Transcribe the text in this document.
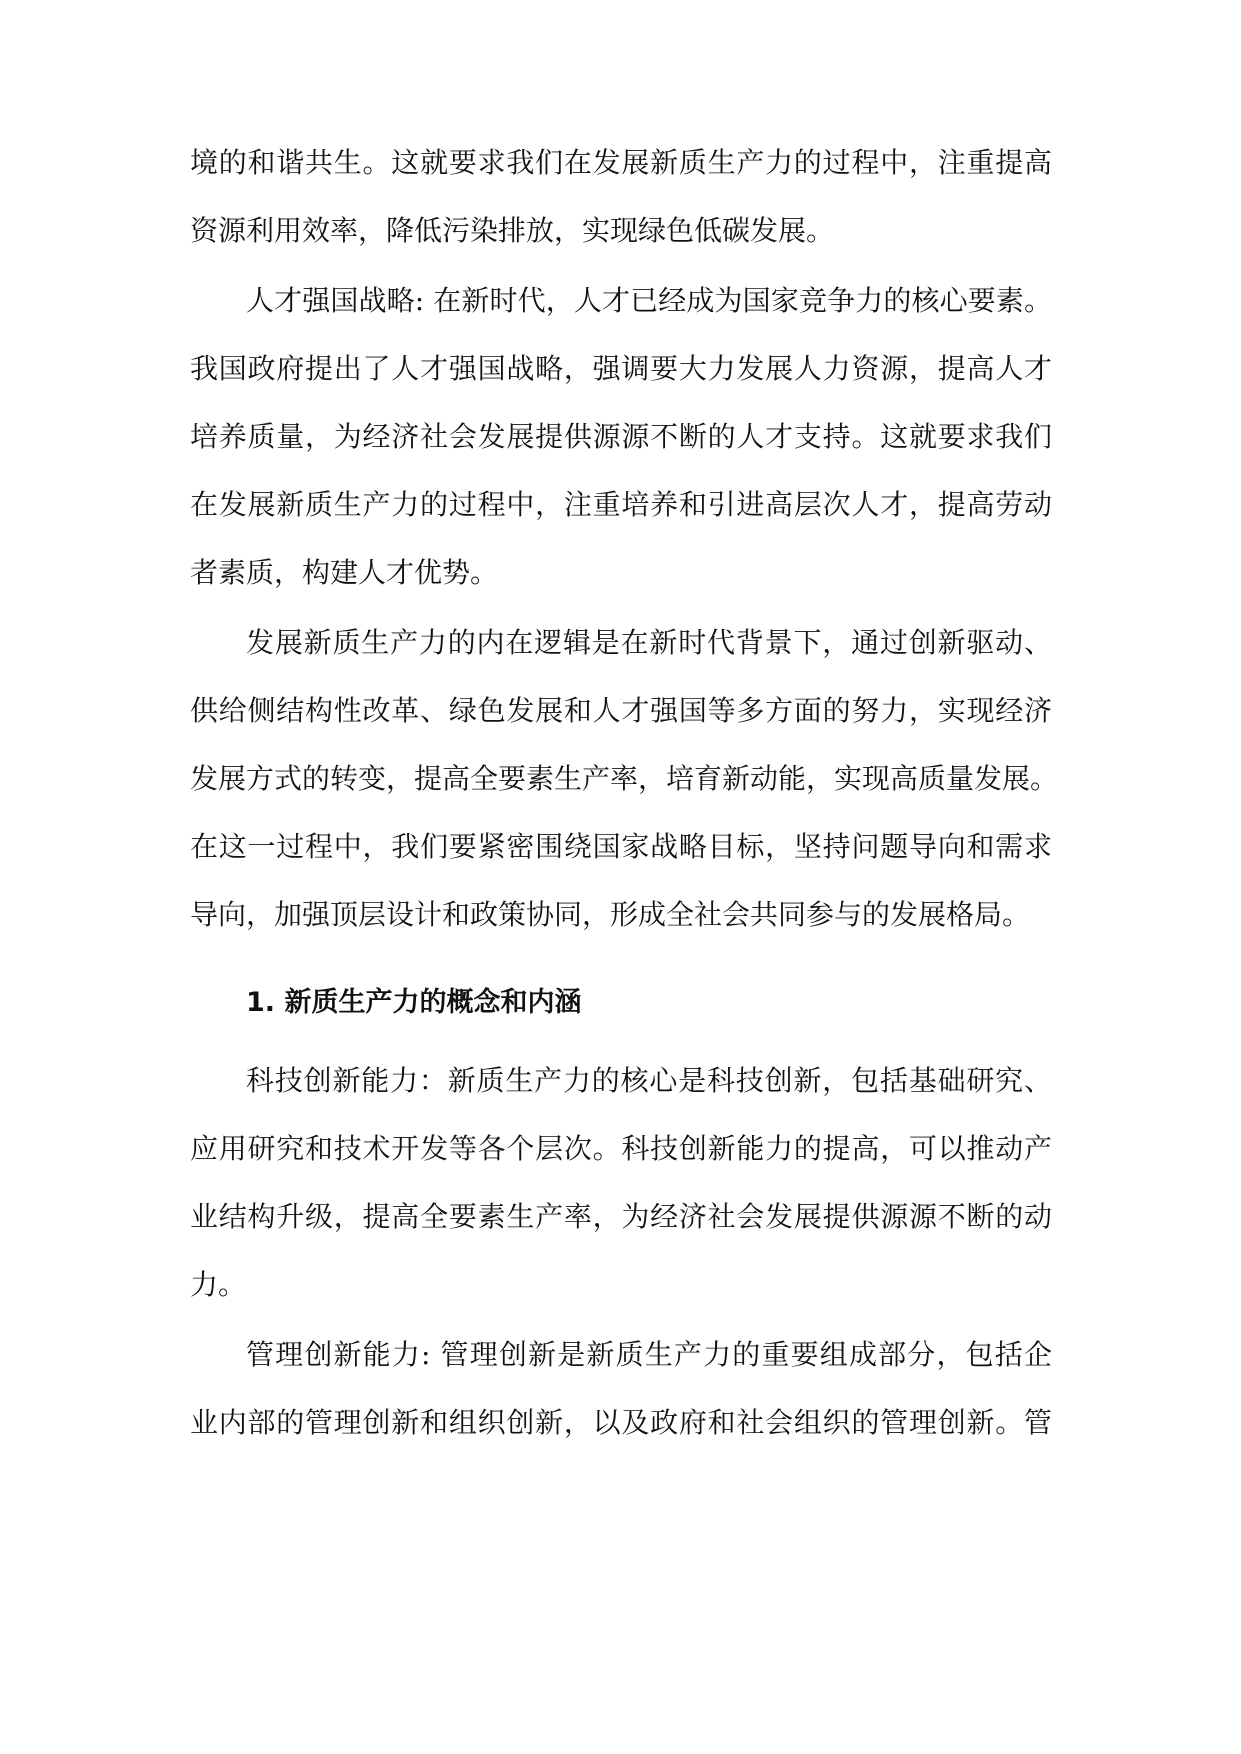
境的和谐共生。这就要求我们在发展新质生产力的过程中，注重提高
资源利用效率，降低污染排放，实现绿色低碳发展。
人才强国战略: 在新时代，人才已经成为国家竞争力的核心要素。
我国政府提出了人才强国战略，强调要大力发展人力资源，提高人才
培养质量，为经济社会发展提供源源不断的人才支持。这就要求我们
在发展新质生产力的过程中，注重培养和引进高层次人才，提高劳动
者素质，构建人才优势。
发展新质生产力的内在逻辑是在新时代背景下，通过创新驱动、
供给侧结构性改革、绿色发展和人才强国等多方面的努力，实现经济
发展方式的转变，提高全要素生产率，培育新动能，实现高质量发展。
在这一过程中，我们要紧密围绕国家战略目标，坚持问题导向和需求
导向，加强顶层设计和政策协同，形成全社会共同参与的发展格局。
1. 新质生产力的概念和内涵
科技创新能力：新质生产力的核心是科技创新，包括基础研究、
应用研究和技术开发等各个层次。科技创新能力的提高，可以推动产
业结构升级，提高全要素生产率，为经济社会发展提供源源不断的动
力。
管理创新能力: 管理创新是新质生产力的重要组成部分，包括企
业内部的管理创新和组织创新，以及政府和社会组织的管理创新。管
